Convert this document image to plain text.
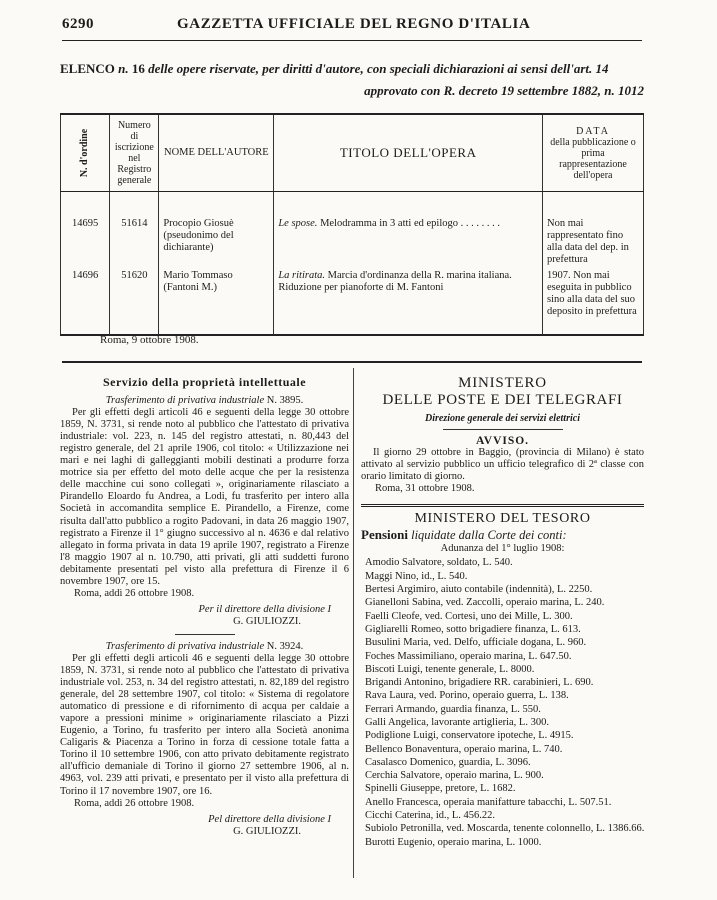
6290	GAZZETTA UFFICIALE DEL REGNO D'ITALIA
ELENCO n. 16 delle opere riservate, per diritti d'autore, con speciali dichiarazioni ai sensi dell'art. 14
approvato con R. decreto 19 settembre 1882, n. 1012
N. d'ordine	Numero di iscrizione nel Registro generale	NOME DELL'AUTORE	TITOLO DELL'OPERA	DATA
della pubblicazione o prima rappresentazione dell'opera

14695	51614	Procopio Giosuè (pseudonimo del dichiarante)	Le spose. Melodramma in 3 atti ed epilogo . . . . . . . .	Non mai rappresentato fino alla data del dep. in prefettura
14696	51620	Mario Tommaso (Fantoni M.)	La ritirata. Marcia d'ordinanza della R. marina italiana. Riduzione per pianoforte di M. Fantoni	1907. Non mai eseguita in pubblico sino alla data del suo deposito in prefettura
Roma, 9 ottobre 1908.
Servizio della proprietà intellettuale
Trasferimento di privativa industriale N. 3895.
Per gli effetti degli articoli 46 e seguenti della legge 30 ottobre 1859, N. 3731, si rende noto al pubblico che l'attestato di privativa industriale: vol. 223, n. 145 del registro attestati, n. 80,443 del registro generale, del 21 aprile 1906, col titolo: « Utilizzazione nei mari e nei laghi di galleggianti mobili destinati a produrre forza motrice sia per effetto del moto delle acque che per la resistenza delle macchine cui sono collegati », originariamente rilasciato a Pirandello Eloardo fu Andrea, a Lodi, fu trasferito per intero alla Società in accomandita semplice E. Pirandello, a Firenze, come risulta dall'atto pubblico a rogito Padovani, in data 26 maggio 1907, registrato a Firenze il 1° giugno successivo al n. 4636 e dal relativo allegato in forma privata in data 19 aprile 1907, registrato a Firenze l'8 maggio 1907 al n. 10.790, atti privati, gli atti suddetti furono debitamente presentati pel visto alla prefettura di Firenze il 6 novembre 1907, ore 15.
Roma, addì 26 ottobre 1908.
Per il direttore della divisione I
G. GIULIOZZI.
Trasferimento di privativa industriale N. 3924.
Per gli effetti degli articoli 46 e seguenti della legge 30 ottobre 1859, N. 3731, si rende noto al pubblico che l'attestato di privativa industriale vol. 253, n. 34 del registro attestati, n. 82,189 del registro generale, del 28 settembre 1907, col titolo: « Sistema di regolatore automatico di pressione e di rifornimento di acqua per caldaie a vapore a pressioni minime » originariamente rilasciato a Pizzi Eugenio, a Torino, fu trasferito per intero alla Società anonima Caligaris & Piacenza a Torino in forza di cessione totale fatta a Torino il 10 settembre 1906, con atto privato debitamente registrato all'ufficio demaniale di Torino il giorno 27 settembre 1906, al n. 4963, vol. 239 atti privati, e presentato per il visto alla prefettura di Torino il 17 novembre 1907, ore 16.
Roma, addì 26 ottobre 1908.
Pel direttore della divisione I
G. GIULIOZZI.
MINISTERO
DELLE POSTE E DEI TELEGRAFI
Direzione generale dei servizi elettrici
AVVISO.
Il giorno 29 ottobre in Baggio, (provincia di Milano) è stato attivato al servizio pubblico un ufficio telegrafico di 2ª classe con orario limitato di giorno.
Roma, 31 ottobre 1908.
MINISTERO DEL TESORO
Pensioni liquidate dalla Corte dei conti:
Adunanza del 1° luglio 1908:
Amodio Salvatore, soldato, L. 540.
Maggi Nino, id., L. 540.
Bertesi Argimiro, aiuto contabile (indennità), L. 2250.
Gianelloni Sabina, ved. Zaccolli, operaio marina, L. 240.
Faelli Cleofe, ved. Cortesi, uno dei Mille, L. 300.
Gigliarelli Romeo, sotto brigadiere finanza, L. 613.
Busulini Maria, ved. Delfo, ufficiale dogana, L. 960.
Foches Massimiliano, operaio marina, L. 647.50.
Biscoti Luigi, tenente generale, L. 8000.
Brigandi Antonino, brigadiere RR. carabinieri, L. 690.
Rava Laura, ved. Porino, operaio guerra, L. 138.
Ferrari Armando, guardia finanza, L. 550.
Galli Angelica, lavorante artiglieria, L. 300.
Podiglione Luigi, conservatore ipoteche, L. 4915.
Bellenco Bonaventura, operaio marina, L. 740.
Casalasco Domenico, guardia, L. 3096.
Cerchia Salvatore, operaio marina, L. 900.
Spinelli Giuseppe, pretore, L. 1682.
Anello Francesca, operaia manifatture tabacchi, L. 507.51.
Cicchi Caterina, id., L. 456.22.
Subiolo Petronilla, ved. Moscarda, tenente colonnello, L. 1386.66.
Burotti Eugenio, operaio marina, L. 1000.
